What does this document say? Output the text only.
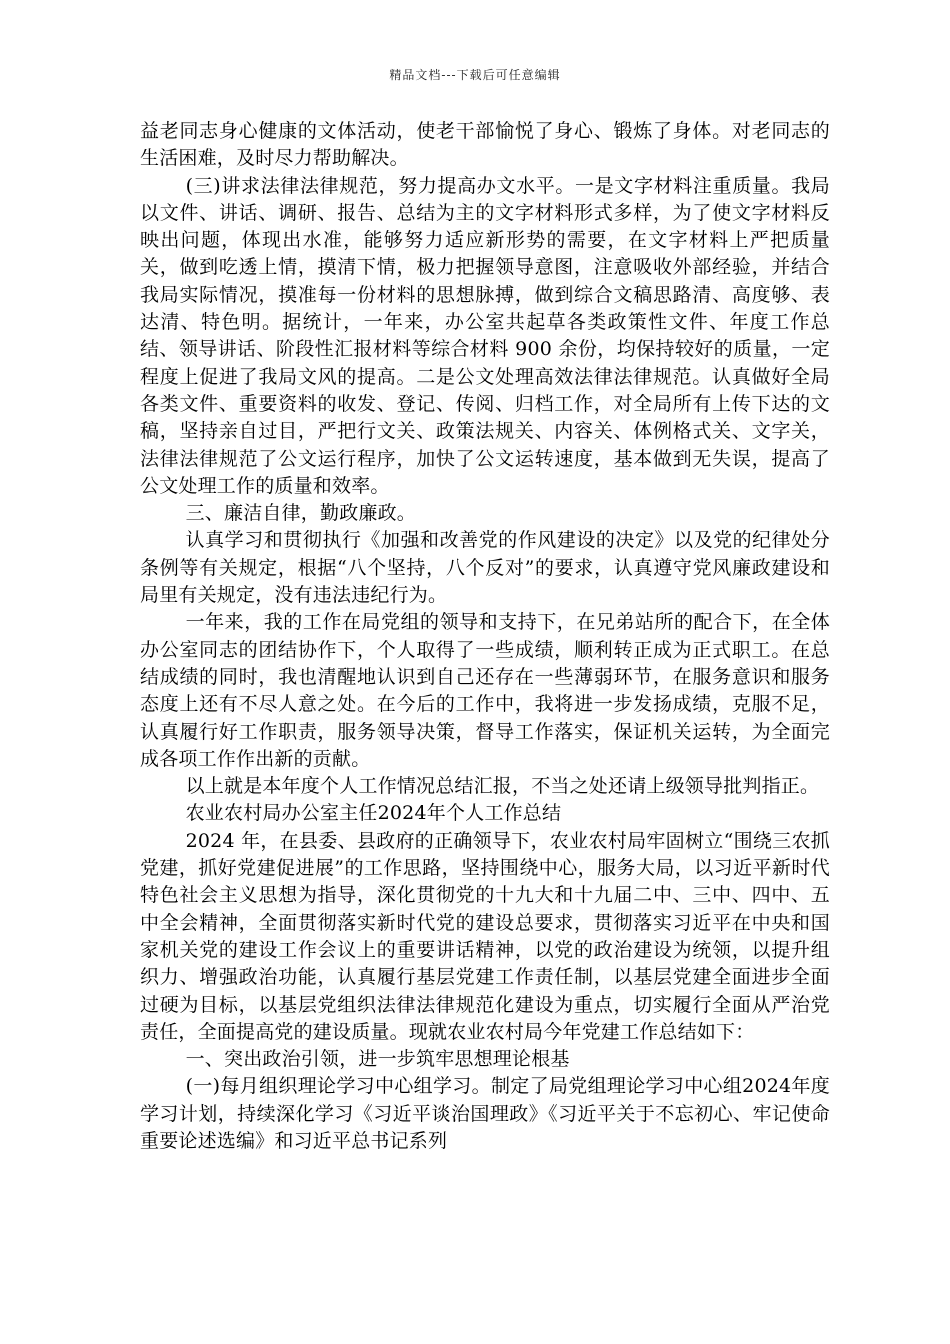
精品文档---下载后可任意编辑

益老同志身心健康的文体活动，使老干部愉悦了身心、锻炼了身体。对老同志的生活困难，及时尽力帮助解决。

(三)讲求法律法律规范，努力提高办文水平。一是文字材料注重质量。我局以文件、讲话、调研、报告、总结为主的文字材料形式多样，为了使文字材料反映出问题，体现出水准，能够努力适应新形势的需要，在文字材料上严把质量关，做到吃透上情，摸清下情，极力把握领导意图，注意吸收外部经验，并结合我局实际情况，摸准每一份材料的思想脉搏，做到综合文稿思路清、高度够、表达清、特色明。据统计，一年来，办公室共起草各类政策性文件、年度工作总结、领导讲话、阶段性汇报材料等综合材料 900 余份，均保持较好的质量，一定程度上促进了我局文风的提高。二是公文处理高效法律法律规范。认真做好全局各类文件、重要资料的收发、登记、传阅、归档工作，对全局所有上传下达的文稿，坚持亲自过目，严把行文关、政策法规关、内容关、体例格式关、文字关，法律法律规范了公文运行程序，加快了公文运转速度，基本做到无失误，提高了公文处理工作的质量和效率。

三、廉洁自律，勤政廉政。

认真学习和贯彻执行《加强和改善党的作风建设的决定》以及党的纪律处分条例等有关规定，根据“八个坚持，八个反对”的要求，认真遵守党风廉政建设和局里有关规定，没有违法违纪行为。

一年来，我的工作在局党组的领导和支持下，在兄弟站所的配合下，在全体办公室同志的团结协作下，个人取得了一些成绩，顺利转正成为正式职工。在总结成绩的同时，我也清醒地认识到自己还存在一些薄弱环节，在服务意识和服务态度上还有不尽人意之处。在今后的工作中，我将进一步发扬成绩，克服不足，认真履行好工作职责，服务领导决策，督导工作落实，保证机关运转，为全面完成各项工作作出新的贡献。

以上就是本年度个人工作情况总结汇报，不当之处还请上级领导批判指正。

农业农村局办公室主任2024年个人工作总结

2024 年，在县委、县政府的正确领导下，农业农村局牢固树立“围绕三农抓党建，抓好党建促进展”的工作思路，坚持围绕中心，服务大局，以习近平新时代特色社会主义思想为指导，深化贯彻党的十九大和十九届二中、三中、四中、五中全会精神，全面贯彻落实新时代党的建设总要求，贯彻落实习近平在中央和国家机关党的建设工作会议上的重要讲话精神，以党的政治建设为统领，以提升组织力、增强政治功能，认真履行基层党建工作责任制，以基层党建全面进步全面过硬为目标，以基层党组织法律法律规范化建设为重点，切实履行全面从严治党责任，全面提高党的建设质量。现就农业农村局今年党建工作总结如下：

一、突出政治引领，进一步筑牢思想理论根基

(一)每月组织理论学习中心组学习。制定了局党组理论学习中心组2024年度学习计划，持续深化学习《习近平谈治国理政》《习近平关于不忘初心、牢记使命重要论述选编》和习近平总书记系列
